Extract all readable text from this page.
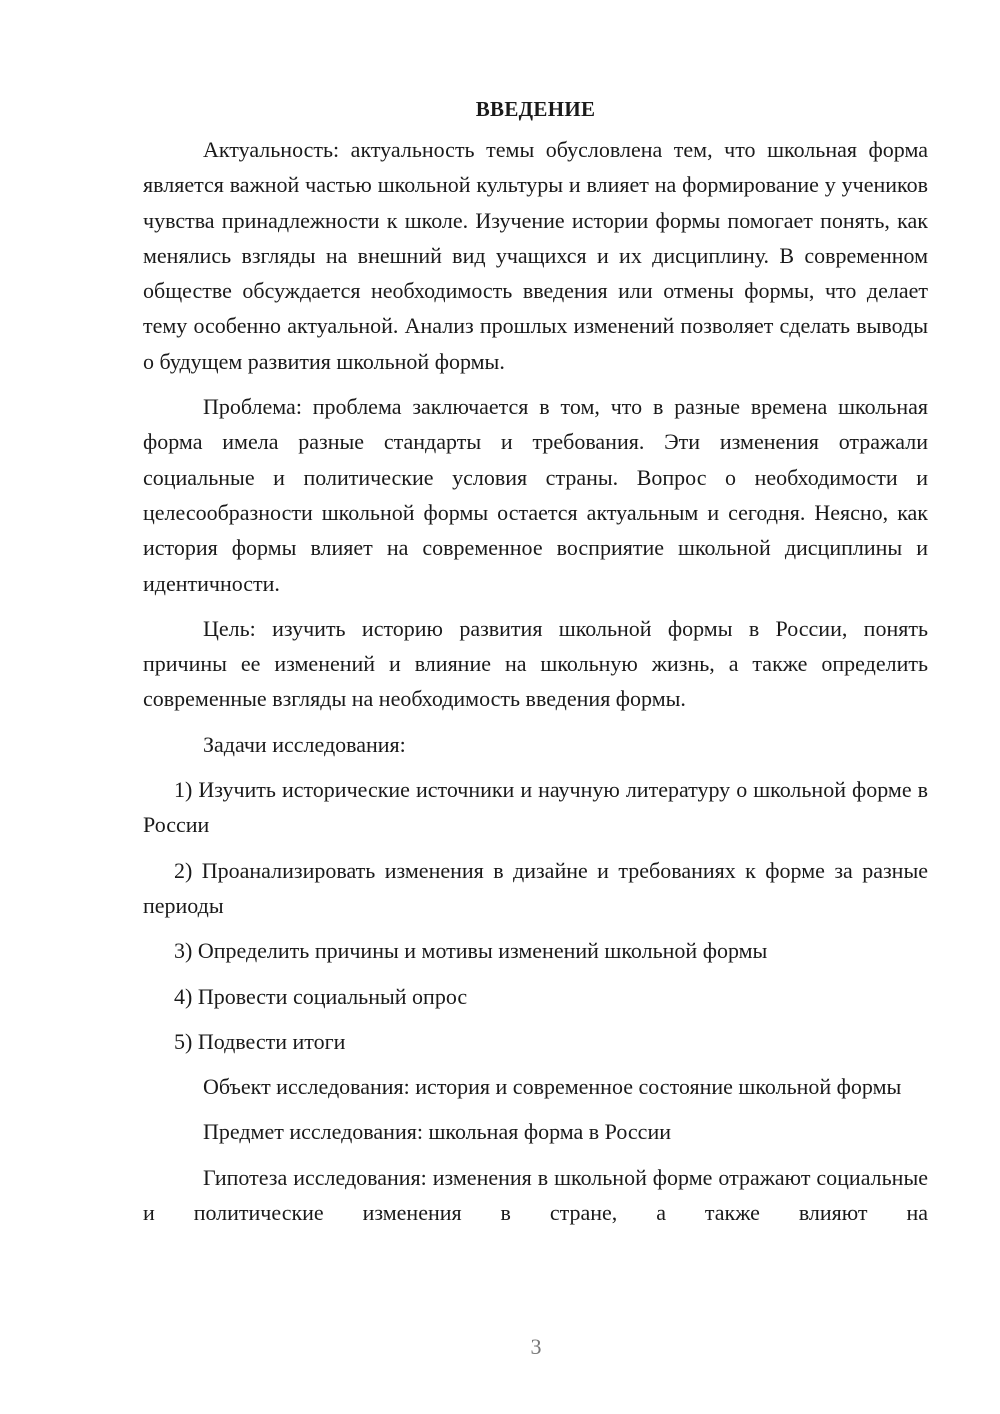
ВВЕДЕНИЕ

Актуальность: актуальность темы обусловлена тем, что школьная форма является важной частью школьной культуры и влияет на формирование у учеников чувства принадлежности к школе. Изучение истории формы помогает понять, как менялись взгляды на внешний вид учащихся и их дисциплину. В современном обществе обсуждается необходимость введения или отмены формы, что делает тему особенно актуальной. Анализ прошлых изменений позволяет сделать выводы о будущем развития школьной формы.

Проблема: проблема заключается в том, что в разные времена школьная форма имела разные стандарты и требования. Эти изменения отражали социальные и политические условия страны. Вопрос о необходимости и целесообразности школьной формы остается актуальным и сегодня. Неясно, как история формы влияет на современное восприятие школьной дисциплины и идентичности.

Цель: изучить историю развития школьной формы в России, понять причины ее изменений и влияние на школьную жизнь, а также определить современные взгляды на необходимость введения формы.

Задачи исследования:

1) Изучить исторические источники и научную литературу о школьной форме в России

2) Проанализировать изменения в дизайне и требованиях к форме за разные периоды

3) Определить причины и мотивы изменений школьной формы

4) Провести социальный опрос

5) Подвести итоги

Объект исследования: история и современное состояние школьной формы

Предмет исследования: школьная форма в России

Гипотеза исследования: изменения в школьной форме отражают социальные и политические изменения в стране, а также влияют на

3
